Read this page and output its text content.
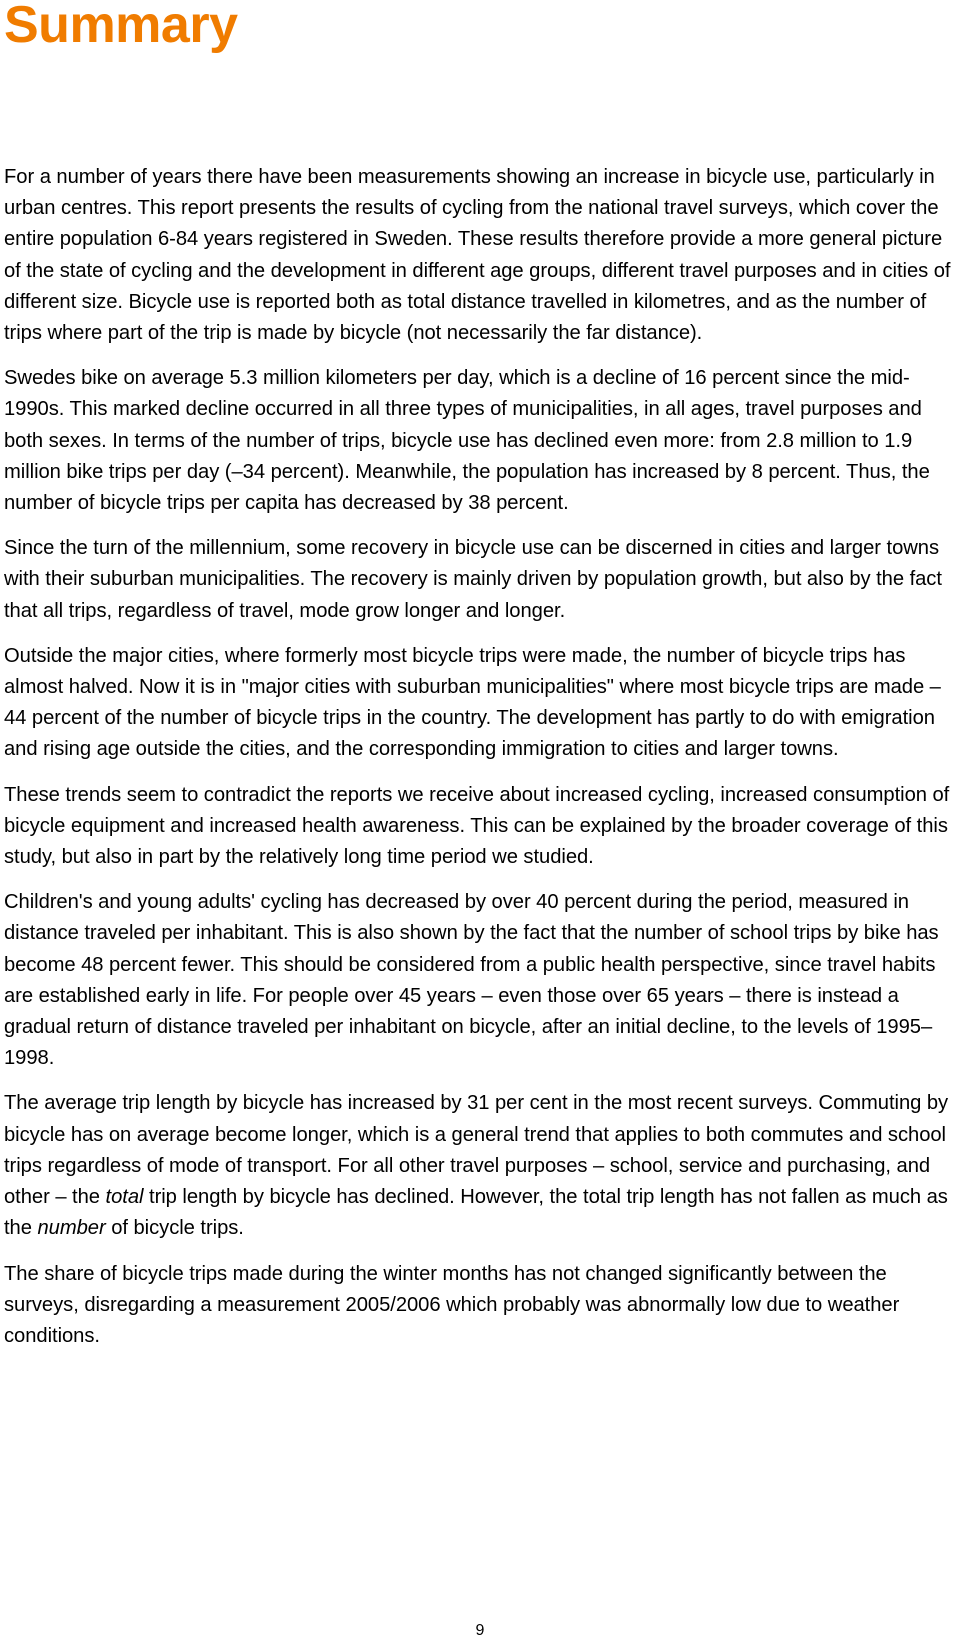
Summary

For a number of years there have been measurements showing an increase in bicycle use, particularly in urban centres. This report presents the results of cycling from the national travel surveys, which cover the entire population 6-84 years registered in Sweden. These results therefore provide a more general picture of the state of cycling and the development in different age groups, different travel purposes and in cities of different size. Bicycle use is reported both as total distance travelled in kilometres, and as the number of trips where part of the trip is made by bicycle (not necessarily the far distance).

Swedes bike on average 5.3 million kilometers per day, which is a decline of 16 percent since the mid-1990s. This marked decline occurred in all three types of municipalities, in all ages, travel purposes and both sexes. In terms of the number of trips, bicycle use has declined even more: from 2.8 million to 1.9 million bike trips per day (–34 percent). Meanwhile, the population has increased by 8 percent. Thus, the number of bicycle trips per capita has decreased by 38 percent.

Since the turn of the millennium, some recovery in bicycle use can be discerned in cities and larger towns with their suburban municipalities. The recovery is mainly driven by population growth, but also by the fact that all trips, regardless of travel, mode grow longer and longer.

Outside the major cities, where formerly most bicycle trips were made, the number of bicycle trips has almost halved. Now it is in "major cities with suburban municipalities" where most bicycle trips are made – 44 percent of the number of bicycle trips in the country. The development has partly to do with emigration and rising age outside the cities, and the corresponding immigration to cities and larger towns.

These trends seem to contradict the reports we receive about increased cycling, increased consumption of bicycle equipment and increased health awareness. This can be explained by the broader coverage of this study, but also in part by the relatively long time period we studied.

Children's and young adults' cycling has decreased by over 40 percent during the period, measured in distance traveled per inhabitant. This is also shown by the fact that the number of school trips by bike has become 48 percent fewer. This should be considered from a public health perspective, since travel habits are established early in life. For people over 45 years – even those over 65 years – there is instead a gradual return of distance traveled per inhabitant on bicycle, after an initial decline, to the levels of 1995–1998.

The average trip length by bicycle has increased by 31 per cent in the most recent surveys. Commuting by bicycle has on average become longer, which is a general trend that applies to both commutes and school trips regardless of mode of transport. For all other travel purposes – school, service and purchasing, and other – the total trip length by bicycle has declined. However, the total trip length has not fallen as much as the number of bicycle trips.

The share of bicycle trips made during the winter months has not changed significantly between the surveys, disregarding a measurement 2005/2006 which probably was abnormally low due to weather conditions.

9
